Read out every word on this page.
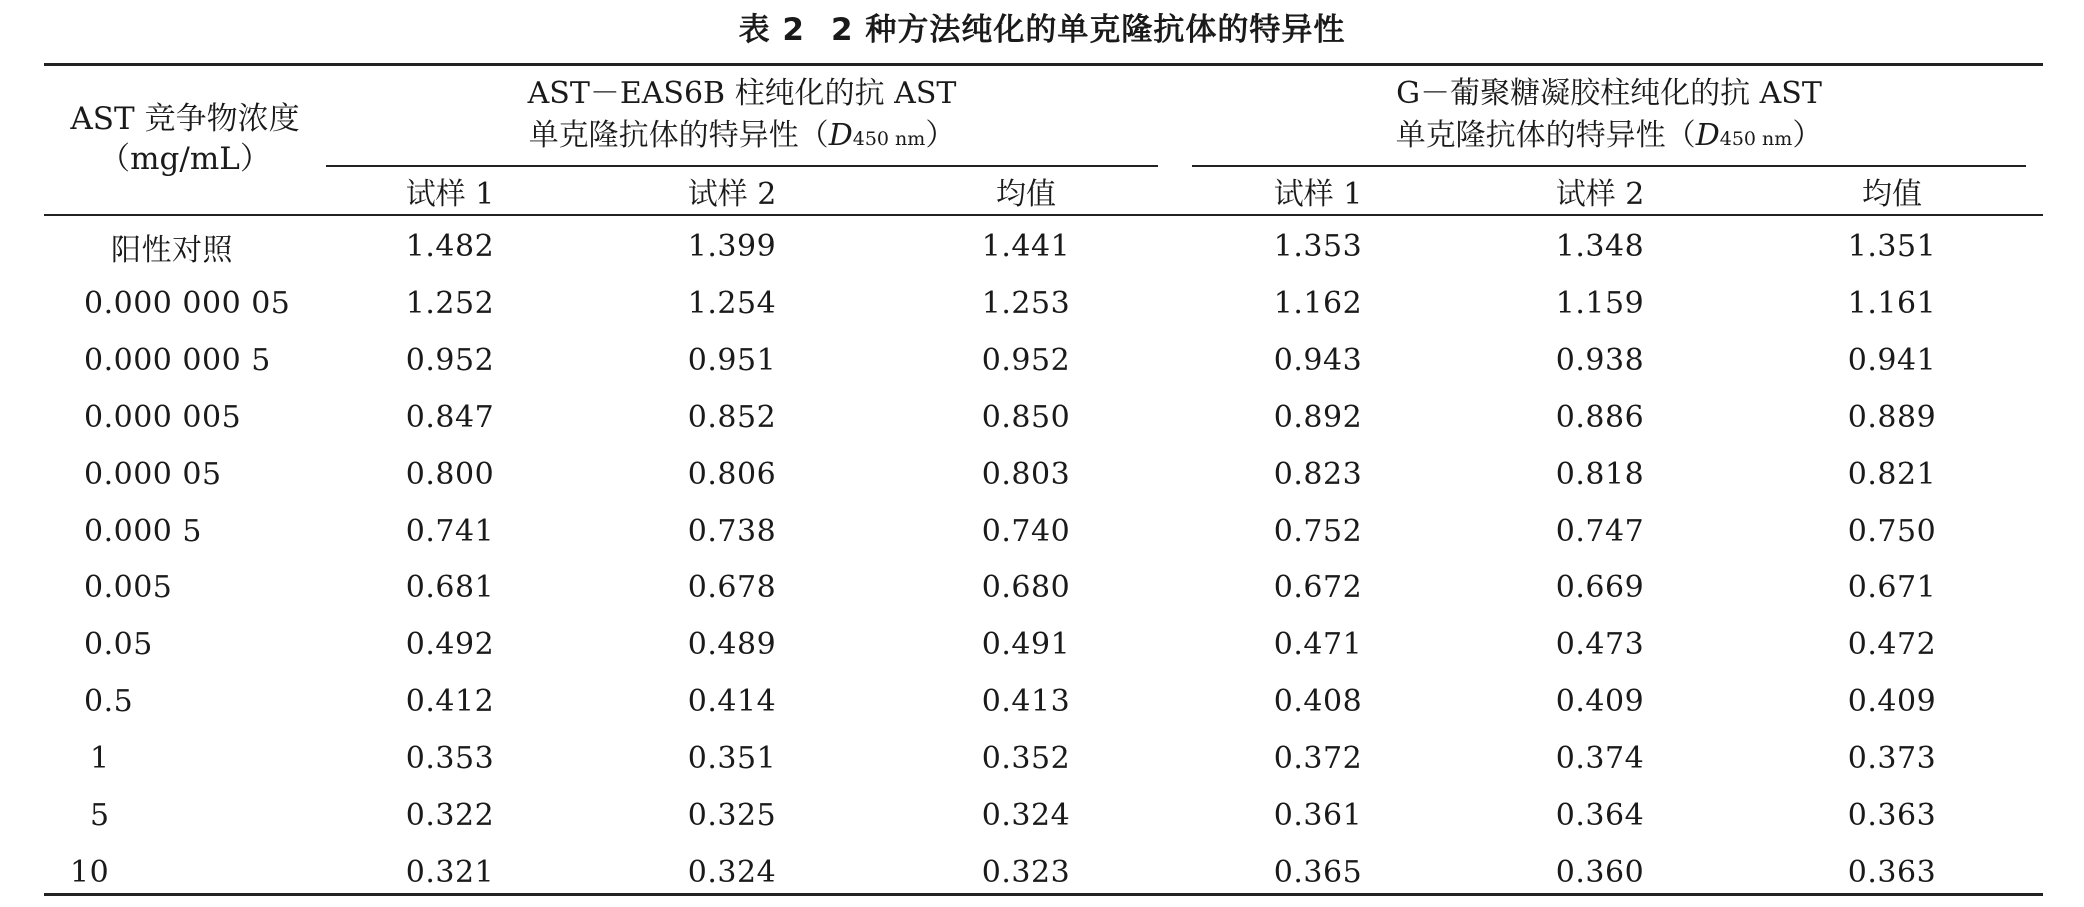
表 2 2 种方法纯化的单克隆抗体的特异性
AST 竞争物浓度
（mg/mL）
AST－EAS6B 柱纯化的抗 AST
单克隆抗体的特异性（D450 nm）
G－葡聚糖凝胶柱纯化的抗 AST
单克隆抗体的特异性（D450 nm）
试样 1	试样 2	均值	试样 1	试样 2	均值
阳性对照	1.482	1.399	1.441	1.353	1.348	1.351
0.000 000 05	1.252	1.254	1.253	1.162	1.159	1.161
0.000 000 5	0.952	0.951	0.952	0.943	0.938	0.941
0.000 005	0.847	0.852	0.850	0.892	0.886	0.889
0.000 05	0.800	0.806	0.803	0.823	0.818	0.821
0.000 5	0.741	0.738	0.740	0.752	0.747	0.750
0.005	0.681	0.678	0.680	0.672	0.669	0.671
0.05	0.492	0.489	0.491	0.471	0.473	0.472
0.5	0.412	0.414	0.413	0.408	0.409	0.409
1	0.353	0.351	0.352	0.372	0.374	0.373
5	0.322	0.325	0.324	0.361	0.364	0.363
10	0.321	0.324	0.323	0.365	0.360	0.363
